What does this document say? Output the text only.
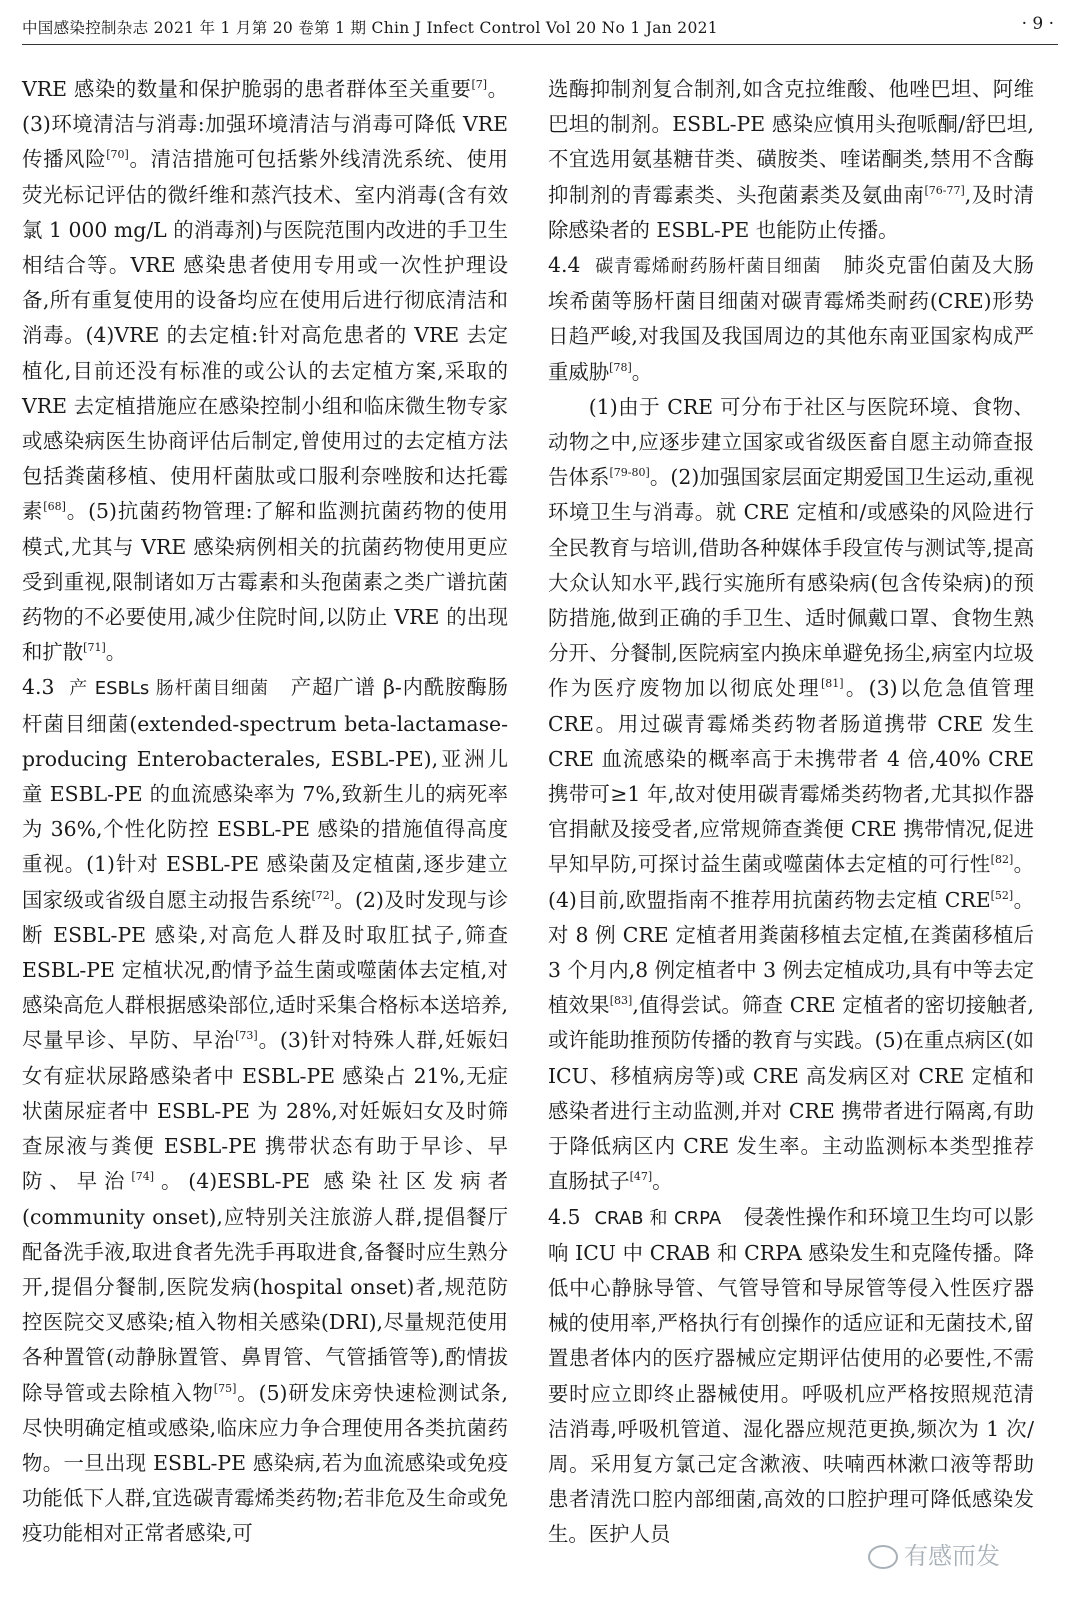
中国感染控制杂志 2021 年 1 月第 20 卷第 1 期 Chin J Infect Control Vol 20 No 1 Jan 2021	· 9 ·

VRE 感染的数量和保护脆弱的患者群体至关重要[7]。(3)环境清洁与消毒:加强环境清洁与消毒可降低 VRE 传播风险[70]。清洁措施可包括紫外线清洗系统、使用荧光标记评估的微纤维和蒸汽技术、室内消毒(含有效氯 1 000 mg/L 的消毒剂)与医院范围内改进的手卫生相结合等。VRE 感染患者使用专用或一次性护理设备,所有重复使用的设备均应在使用后进行彻底清洁和消毒。(4)VRE 的去定植:针对高危患者的 VRE 去定植化,目前还没有标准的或公认的去定植方案,采取的 VRE 去定植措施应在感染控制小组和临床微生物专家或感染病医生协商评估后制定,曾使用过的去定植方法包括粪菌移植、使用杆菌肽或口服利奈唑胺和达托霉素[68]。(5)抗菌药物管理:了解和监测抗菌药物的使用模式,尤其与 VRE 感染病例相关的抗菌药物使用更应受到重视,限制诸如万古霉素和头孢菌素之类广谱抗菌药物的不必要使用,减少住院时间,以防止 VRE 的出现和扩散[71]。

4.3 产 ESBLs 肠杆菌目细菌 产超广谱 β-内酰胺酶肠杆菌目细菌(extended-spectrum beta-lactamase-producing Enterobacterales, ESBL-PE),亚洲儿童 ESBL-PE 的血流感染率为 7%,致新生儿的病死率为 36%,个性化防控 ESBL-PE 感染的措施值得高度重视。(1)针对 ESBL-PE 感染菌及定植菌,逐步建立国家级或省级自愿主动报告系统[72]。(2)及时发现与诊断 ESBL-PE 感染,对高危人群及时取肛拭子,筛查 ESBL-PE 定植状况,酌情予益生菌或噬菌体去定植,对感染高危人群根据感染部位,适时采集合格标本送培养,尽量早诊、早防、早治[73]。(3)针对特殊人群,妊娠妇女有症状尿路感染者中 ESBL-PE 感染占 21%,无症状菌尿症者中 ESBL-PE 为 28%,对妊娠妇女及时筛查尿液与粪便 ESBL-PE 携带状态有助于早诊、早防、早治[74]。(4)ESBL-PE 感染社区发病者(community onset),应特别关注旅游人群,提倡餐厅配备洗手液,取进食者先洗手再取进食,备餐时应生熟分开,提倡分餐制,医院发病(hospital onset)者,规范防控医院交叉感染;植入物相关感染(DRI),尽量规范使用各种置管(动静脉置管、鼻胃管、气管插管等),酌情拔除导管或去除植入物[75]。(5)研发床旁快速检测试条,尽快明确定植或感染,临床应力争合理使用各类抗菌药物。一旦出现 ESBL-PE 感染病,若为血流感染或免疫功能低下人群,宜选碳青霉烯类药物;若非危及生命或免疫功能相对正常者感染,可

选酶抑制剂复合制剂,如含克拉维酸、他唑巴坦、阿维巴坦的制剂。ESBL-PE 感染应慎用头孢哌酮/舒巴坦,不宜选用氨基糖苷类、磺胺类、喹诺酮类,禁用不含酶抑制剂的青霉素类、头孢菌素类及氨曲南[76-77],及时清除感染者的 ESBL-PE 也能防止传播。

4.4 碳青霉烯耐药肠杆菌目细菌 肺炎克雷伯菌及大肠埃希菌等肠杆菌目细菌对碳青霉烯类耐药(CRE)形势日趋严峻,对我国及我国周边的其他东南亚国家构成严重威胁[78]。

(1)由于 CRE 可分布于社区与医院环境、食物、动物之中,应逐步建立国家或省级医畜自愿主动筛查报告体系[79-80]。(2)加强国家层面定期爱国卫生运动,重视环境卫生与消毒。就 CRE 定植和/或感染的风险进行全民教育与培训,借助各种媒体手段宣传与测试等,提高大众认知水平,践行实施所有感染病(包含传染病)的预防措施,做到正确的手卫生、适时佩戴口罩、食物生熟分开、分餐制,医院病室内换床单避免扬尘,病室内垃圾作为医疗废物加以彻底处理[81]。(3)以危急值管理 CRE。用过碳青霉烯类药物者肠道携带 CRE 发生 CRE 血流感染的概率高于未携带者 4 倍,40% CRE 携带可≥1 年,故对使用碳青霉烯类药物者,尤其拟作器官捐献及接受者,应常规筛查粪便 CRE 携带情况,促进早知早防,可探讨益生菌或噬菌体去定植的可行性[82]。(4)目前,欧盟指南不推荐用抗菌药物去定植 CRE[52]。对 8 例 CRE 定植者用粪菌移植去定植,在粪菌移植后 3 个月内,8 例定植者中 3 例去定植成功,具有中等去定植效果[83],值得尝试。筛查 CRE 定植者的密切接触者,或许能助推预防传播的教育与实践。(5)在重点病区(如 ICU、移植病房等)或 CRE 高发病区对 CRE 定植和感染者进行主动监测,并对 CRE 携带者进行隔离,有助于降低病区内 CRE 发生率。主动监测标本类型推荐直肠拭子[47]。

4.5 CRAB 和 CRPA 侵袭性操作和环境卫生均可以影响 ICU 中 CRAB 和 CRPA 感染发生和克隆传播。降低中心静脉导管、气管导管和导尿管等侵入性医疗器械的使用率,严格执行有创操作的适应证和无菌技术,留置患者体内的医疗器械应定期评估使用的必要性,不需要时应立即终止器械使用。呼吸机应严格按照规范清洁消毒,呼吸机管道、湿化器应规范更换,频次为 1 次/周。采用复方氯己定含漱液、呋喃西林漱口液等帮助患者清洗口腔内部细菌,高效的口腔护理可降低感染发生。医护人员

有感而发
